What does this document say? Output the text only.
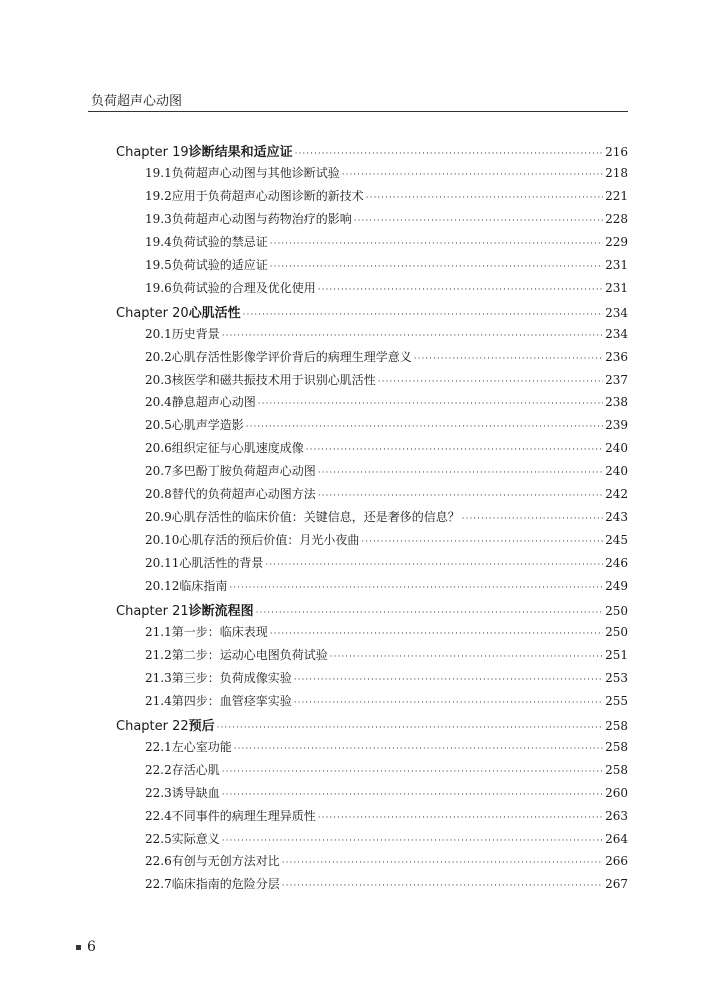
负荷超声心动图
Chapter 19 诊断结果和适应证 ·····	216
19.1 负荷超声心动图与其他诊断试验 ·····	218
19.2 应用于负荷超声心动图诊断的新技术 ·····	221
19.3 负荷超声心动图与药物治疗的影响 ·····	228
19.4 负荷试验的禁忌证 ·····	229
19.5 负荷试验的适应证 ·····	231
19.6 负荷试验的合理及优化使用 ·····	231
Chapter 20 心肌活性 ·····	234
20.1 历史背景 ·····	234
20.2 心肌存活性影像学评价背后的病理生理学意义 ·····	236
20.3 核医学和磁共振技术用于识别心肌活性 ·····	237
20.4 静息超声心动图 ·····	238
20.5 心肌声学造影 ·····	239
20.6 组织定征与心肌速度成像 ·····	240
20.7 多巴酚丁胺负荷超声心动图 ·····	240
20.8 替代的负荷超声心动图方法 ·····	242
20.9 心肌存活性的临床价值：关键信息，还是奢侈的信息？ ·····	243
20.10 心肌存活的预后价值：月光小夜曲 ·····	245
20.11 心肌活性的背景 ·····	246
20.12 临床指南 ·····	249
Chapter 21 诊断流程图 ·····	250
21.1 第一步：临床表现 ·····	250
21.2 第二步：运动心电图负荷试验 ·····	251
21.3 第三步：负荷成像实验 ·····	253
21.4 第四步：血管痉挛实验 ·····	255
Chapter 22 预后 ·····	258
22.1 左心室功能 ·····	258
22.2 存活心肌 ·····	258
22.3 诱导缺血 ·····	260
22.4 不同事件的病理生理异质性 ·····	263
22.5 实际意义 ·····	264
22.6 有创与无创方法对比 ·····	266
22.7 临床指南的危险分层 ·····	267
6
